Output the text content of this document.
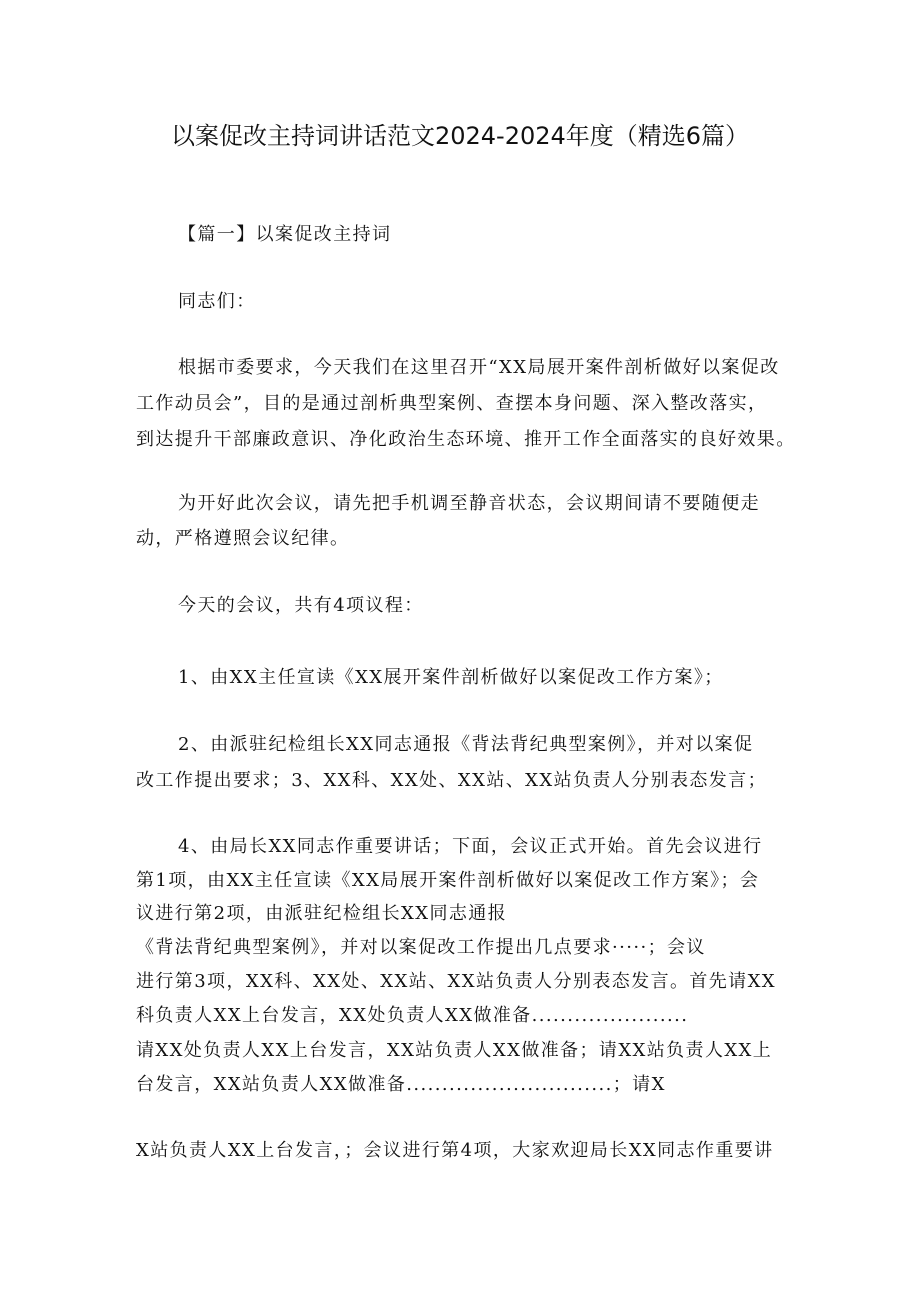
以案促改主持词讲话范文2024-2024年度（精选6篇）
【篇一】以案促改主持词
同志们：
根据市委要求，今天我们在这里召开“XX局展开案件剖析做好以案促改
工作动员会”，目的是通过剖析典型案例、查摆本身问题、深入整改落实，
到达提升干部廉政意识、净化政治生态环境、推开工作全面落实的良好效果。
为开好此次会议，请先把手机调至静音状态，会议期间请不要随便走
动，严格遵照会议纪律。
今天的会议，共有4项议程：
1、由XX主任宣读《XX展开案件剖析做好以案促改工作方案》；
2、由派驻纪检组长XX同志通报《背法背纪典型案例》，并对以案促
改工作提出要求；3、XX科、XX处、XX站、XX站负责人分别表态发言；
4、由局长XX同志作重要讲话；下面，会议正式开始。首先会议进行
第1项，由XX主任宣读《XX局展开案件剖析做好以案促改工作方案》；会
议进行第2项，由派驻纪检组长XX同志通报
《背法背纪典型案例》，并对以案促改工作提出几点要求·····；会议
进行第3项，XX科、XX处、XX站、XX站负责人分别表态发言。首先请XX
科负责人XX上台发言，XX处负责人XX做准备......................
请XX处负责人XX上台发言，XX站负责人XX做准备；请XX站负责人XX上
台发言，XX站负责人XX做准备.............................；请X
X站负责人XX上台发言，；会议进行第4项，大家欢迎局长XX同志作重要讲
